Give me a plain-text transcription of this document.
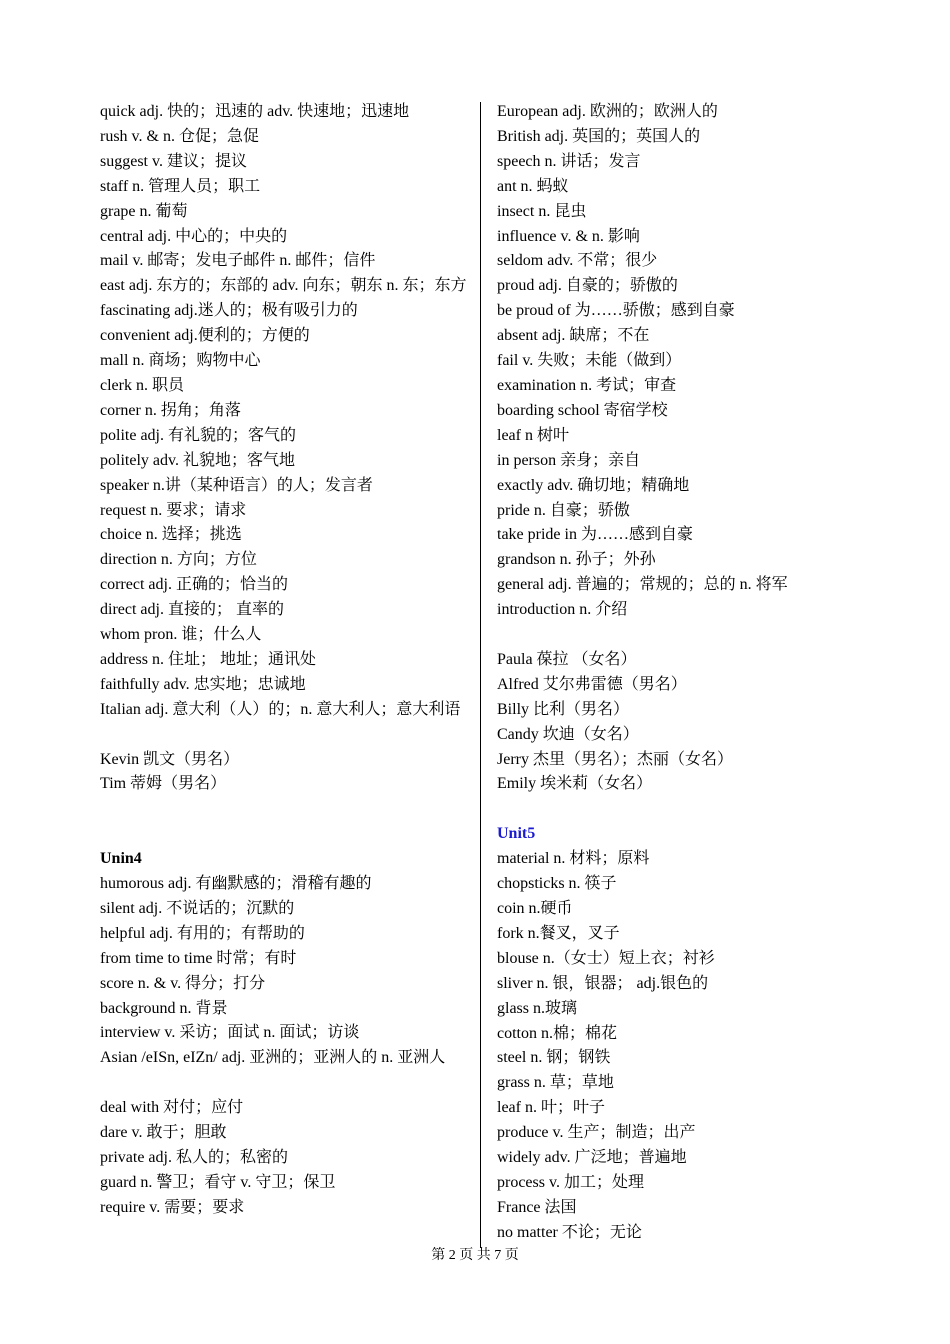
quick adj. 快的；迅速的 adv. 快速地；迅速地
rush v. & n. 仓促；急促
suggest v. 建议；提议
staff n. 管理人员；职工
grape n. 葡萄
central adj. 中心的；中央的
mail v. 邮寄；发电子邮件 n. 邮件；信件
east adj. 东方的；东部的 adv. 向东；朝东 n. 东；东方
fascinating adj.迷人的；极有吸引力的
convenient adj.便利的；方便的
mall n. 商场；购物中心
clerk n. 职员
corner n. 拐角；角落
polite adj. 有礼貌的；客气的
politely adv. 礼貌地；客气地
speaker n.讲（某种语言）的人；发言者
request n. 要求；请求
choice n. 选择；挑选
direction n. 方向；方位
correct adj. 正确的；恰当的
direct adj. 直接的； 直率的
whom pron. 谁；什么人
address n. 住址； 地址；通讯处
faithfully adv. 忠实地；忠诚地
Italian adj. 意大利（人）的；n. 意大利人；意大利语
Kevin 凯文（男名）
Tim 蒂姆（男名）
Unin4
humorous adj. 有幽默感的；滑稽有趣的
silent adj. 不说话的；沉默的
helpful adj. 有用的；有帮助的
from time to time 时常；有时
score n. & v. 得分；打分
background n. 背景
interview v. 采访；面试 n. 面试；访谈
Asian /eISn, eIZn/ adj. 亚洲的；亚洲人的 n. 亚洲人
deal with 对付；应付
dare v. 敢于；胆敢
private adj. 私人的；私密的
guard n. 警卫；看守 v. 守卫；保卫
require v. 需要；要求
European adj. 欧洲的；欧洲人的
British adj. 英国的；英国人的
speech n. 讲话；发言
ant n. 蚂蚁
insect n. 昆虫
influence v. & n. 影响
seldom adv. 不常；很少
proud adj. 自豪的；骄傲的
be proud of 为……骄傲；感到自豪
absent adj. 缺席；不在
fail v. 失败；未能（做到）
examination n. 考试；审查
boarding school 寄宿学校
leaf n 树叶
in person 亲身；亲自
exactly adv. 确切地；精确地
pride n. 自豪；骄傲
take pride in 为……感到自豪
grandson n. 孙子；外孙
general adj. 普遍的；常规的；总的 n. 将军
introduction n. 介绍
Paula 葆拉 （女名）
Alfred 艾尔弗雷德（男名）
Billy 比利（男名）
Candy 坎迪（女名）
Jerry 杰里（男名）；杰丽（女名）
Emily 埃米莉（女名）
Unit5
material n. 材料；原料
chopsticks n. 筷子
coin n.硬币
fork n.餐叉，叉子
blouse n.（女士）短上衣；衬衫
sliver n. 银，银器； adj.银色的
glass n.玻璃
cotton n.棉；棉花
steel n. 钢；钢铁
grass n. 草；草地
leaf n. 叶；叶子
produce v. 生产；制造；出产
widely adv. 广泛地；普遍地
process v. 加工；处理
France 法国
no matter 不论；无论
第 2 页 共 7 页
